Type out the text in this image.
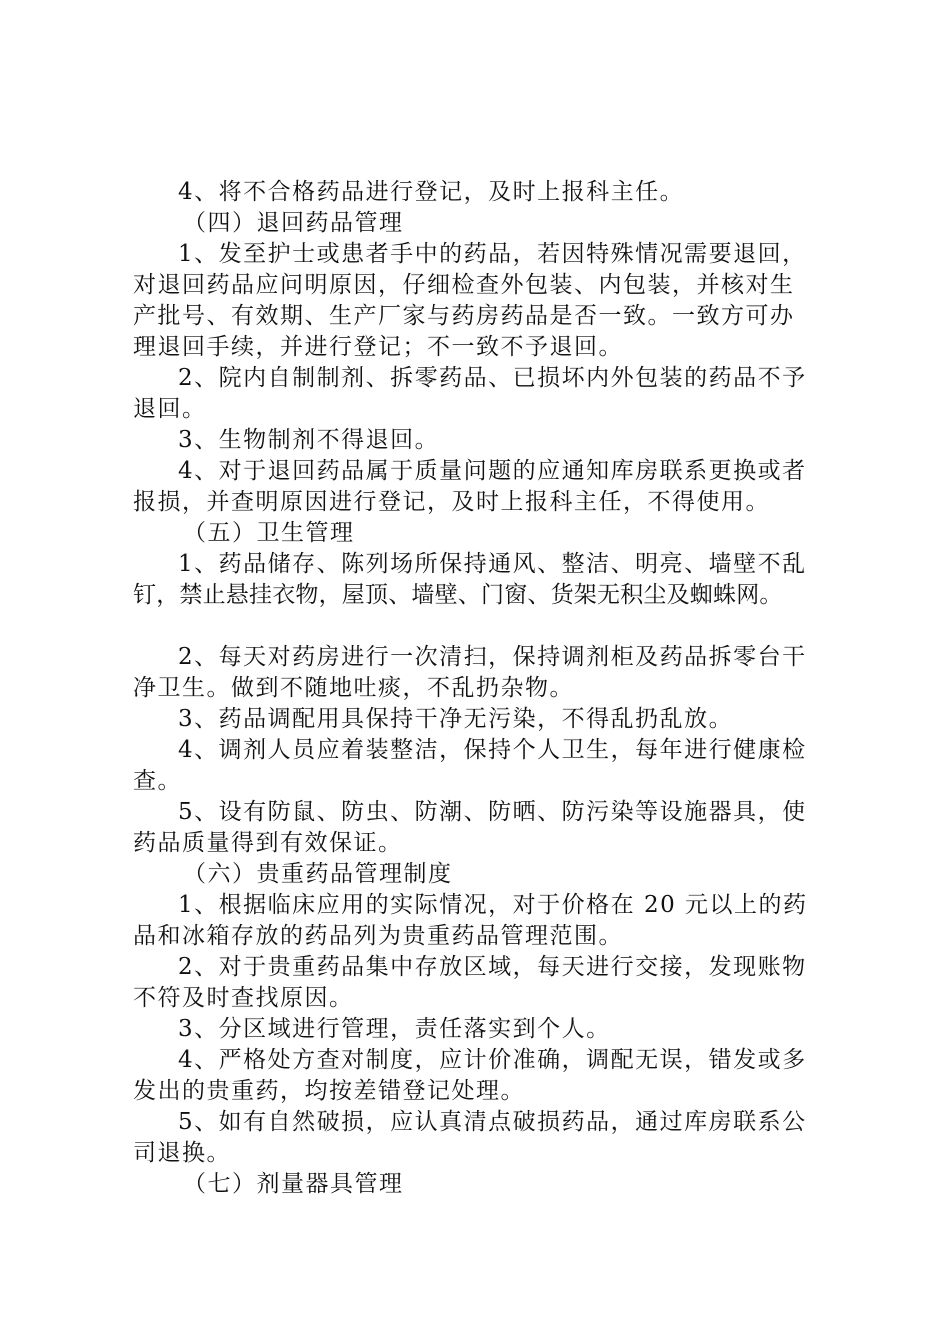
4、将不合格药品进行登记，及时上报科主任。
（四）退回药品管理
1、发至护士或患者手中的药品，若因特殊情况需要退回，
对退回药品应问明原因，仔细检查外包装、内包装，并核对生
产批号、有效期、生产厂家与药房药品是否一致。一致方可办
理退回手续，并进行登记；不一致不予退回。
2、院内自制制剂、拆零药品、已损坏内外包装的药品不予
退回。
3、生物制剂不得退回。
4、对于退回药品属于质量问题的应通知库房联系更换或者
报损，并查明原因进行登记，及时上报科主任，不得使用。
（五）卫生管理
1、药品储存、陈列场所保持通风、整洁、明亮、墙壁不乱
钉，禁止悬挂衣物，屋顶、墙壁、门窗、货架无积尘及蜘蛛网。
2、每天对药房进行一次清扫，保持调剂柜及药品拆零台干
净卫生。做到不随地吐痰，不乱扔杂物。
3、药品调配用具保持干净无污染，不得乱扔乱放。
4、调剂人员应着装整洁，保持个人卫生，每年进行健康检
查。
5、设有防鼠、防虫、防潮、防晒、防污染等设施器具，使
药品质量得到有效保证。
（六）贵重药品管理制度
1、根据临床应用的实际情况，对于价格在 20 元以上的药
品和冰箱存放的药品列为贵重药品管理范围。
2、对于贵重药品集中存放区域，每天进行交接，发现账物
不符及时查找原因。
3、分区域进行管理，责任落实到个人。
4、严格处方查对制度，应计价准确，调配无误，错发或多
发出的贵重药，均按差错登记处理。
5、如有自然破损，应认真清点破损药品，通过库房联系公
司退换。
（七）剂量器具管理
